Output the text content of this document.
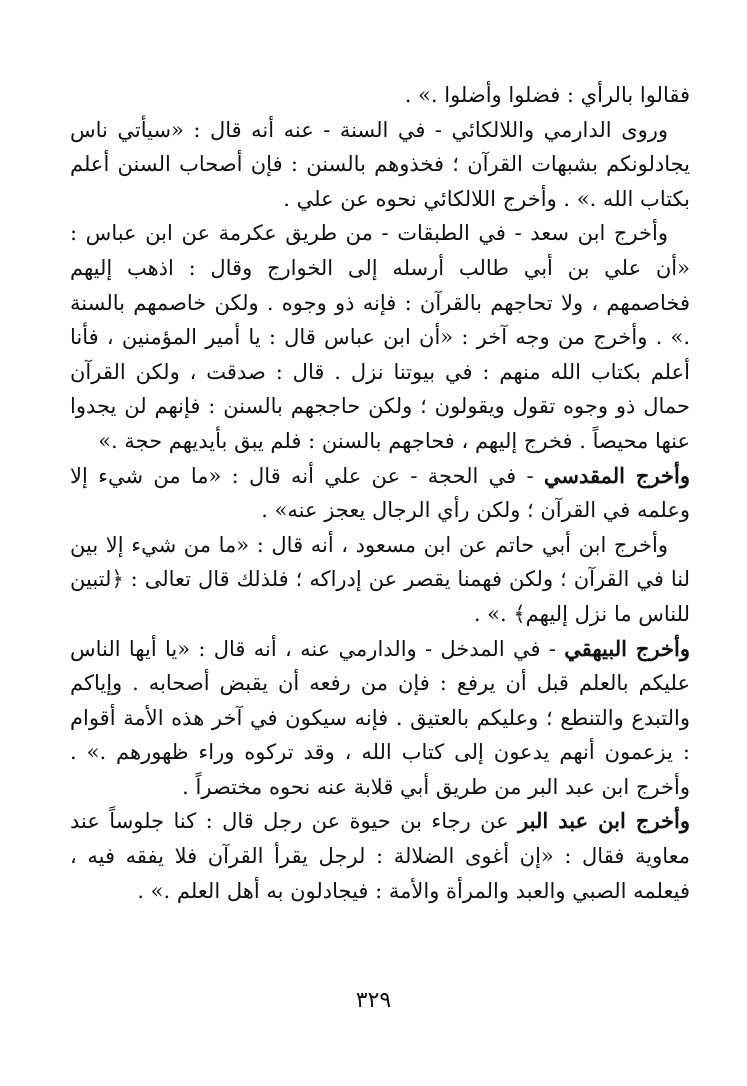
فقالوا بالرأي : فضلوا وأضلوا .» .

وروى الدارمي واللالكائي - في السنة - عنه أنه قال : «سيأتي ناس يجادلونكم بشبهات القرآن ؛ فخذوهم بالسنن : فإن أصحاب السنن أعلم بكتاب الله .» . وأخرج اللالكائي نحوه عن علي .

وأخرج ابن سعد - في الطبقات - من طريق عكرمة عن ابن عباس : «أن علي بن أبي طالب أرسله إلى الخوارج وقال : اذهب إليهم فخاصمهم ، ولا تحاجهم بالقرآن : فإنه ذو وجوه . ولكن خاصمهم بالسنة .» . وأخرج من وجه آخر : «أن ابن عباس قال : يا أمير المؤمنين ، فأنا أعلم بكتاب الله منهم : في بيوتنا نزل . قال : صدقت ، ولكن القرآن حمال ذو وجوه تقول ويقولون ؛ ولكن حاججهم بالسنن : فإنهم لن يجدوا عنها محيصاً . فخرج إليهم ، فحاجهم بالسنن : فلم يبق بأيديهم حجة .»

وأخرج المقدسي - في الحجة - عن علي أنه قال : «ما من شيء إلا وعلمه في القرآن ؛ ولكن رأي الرجال يعجز عنه» .

وأخرج ابن أبي حاتم عن ابن مسعود ، أنه قال : «ما من شيء إلا بين لنا في القرآن ؛ ولكن فهمنا يقصر عن إدراكه ؛ فلذلك قال تعالى : ﴿لتبين للناس ما نزل إليهم﴾ .» .

وأخرج البيهقي - في المدخل - والدارمي عنه ، أنه قال : «يا أيها الناس عليكم بالعلم قبل أن يرفع : فإن من رفعه أن يقبض أصحابه . وإياكم والتبدع والتنطع ؛ وعليكم بالعتيق . فإنه سيكون في آخر هذه الأمة أقوام : يزعمون أنهم يدعون إلى كتاب الله ، وقد تركوه وراء ظهورهم .» . وأخرج ابن عبد البر من طريق أبي قلابة عنه نحوه مختصراً .

وأخرج ابن عبد البر عن رجاء بن حيوة عن رجل قال : كنا جلوساً عند معاوية فقال : «إن أغوى الضلالة : لرجل يقرأ القرآن فلا يفقه فيه ، فيعلمه الصبي والعبد والمرأة والأمة : فيجادلون به أهل العلم .» .

٣٢٩
